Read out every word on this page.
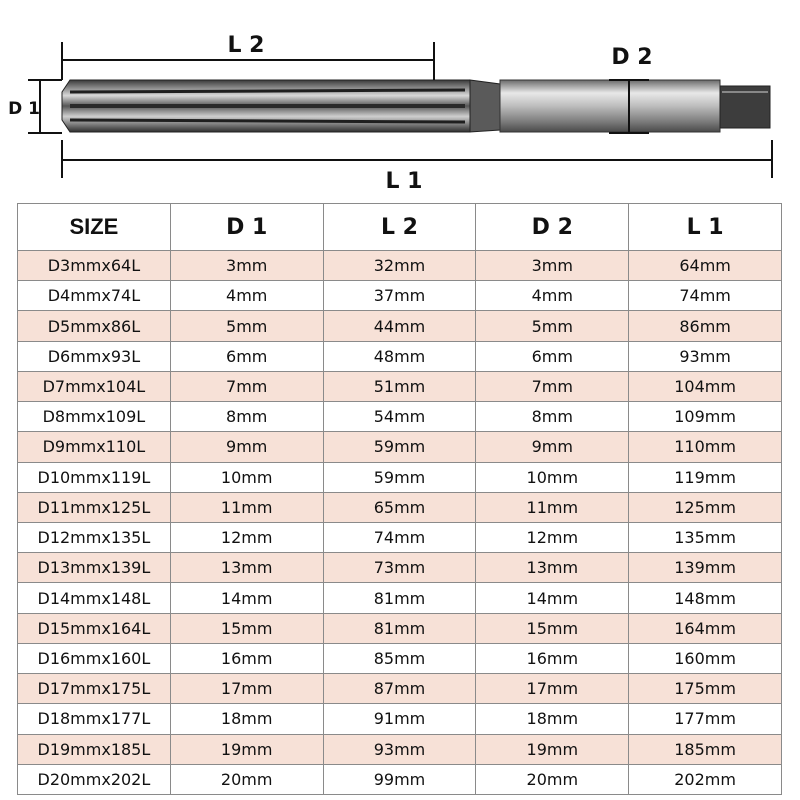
L 2	D 2
D 1
L 1
SIZE	D 1	L 2	D 2	L 1
D3mmx64L	3mm	32mm	3mm	64mm
D4mmx74L	4mm	37mm	4mm	74mm
D5mmx86L	5mm	44mm	5mm	86mm
D6mmx93L	6mm	48mm	6mm	93mm
D7mmx104L	7mm	51mm	7mm	104mm
D8mmx109L	8mm	54mm	8mm	109mm
D9mmx110L	9mm	59mm	9mm	110mm
D10mmx119L	10mm	59mm	10mm	119mm
D11mmx125L	11mm	65mm	11mm	125mm
D12mmx135L	12mm	74mm	12mm	135mm
D13mmx139L	13mm	73mm	13mm	139mm
D14mmx148L	14mm	81mm	14mm	148mm
D15mmx164L	15mm	81mm	15mm	164mm
D16mmx160L	16mm	85mm	16mm	160mm
D17mmx175L	17mm	87mm	17mm	175mm
D18mmx177L	18mm	91mm	18mm	177mm
D19mmx185L	19mm	93mm	19mm	185mm
D20mmx202L	20mm	99mm	20mm	202mm
